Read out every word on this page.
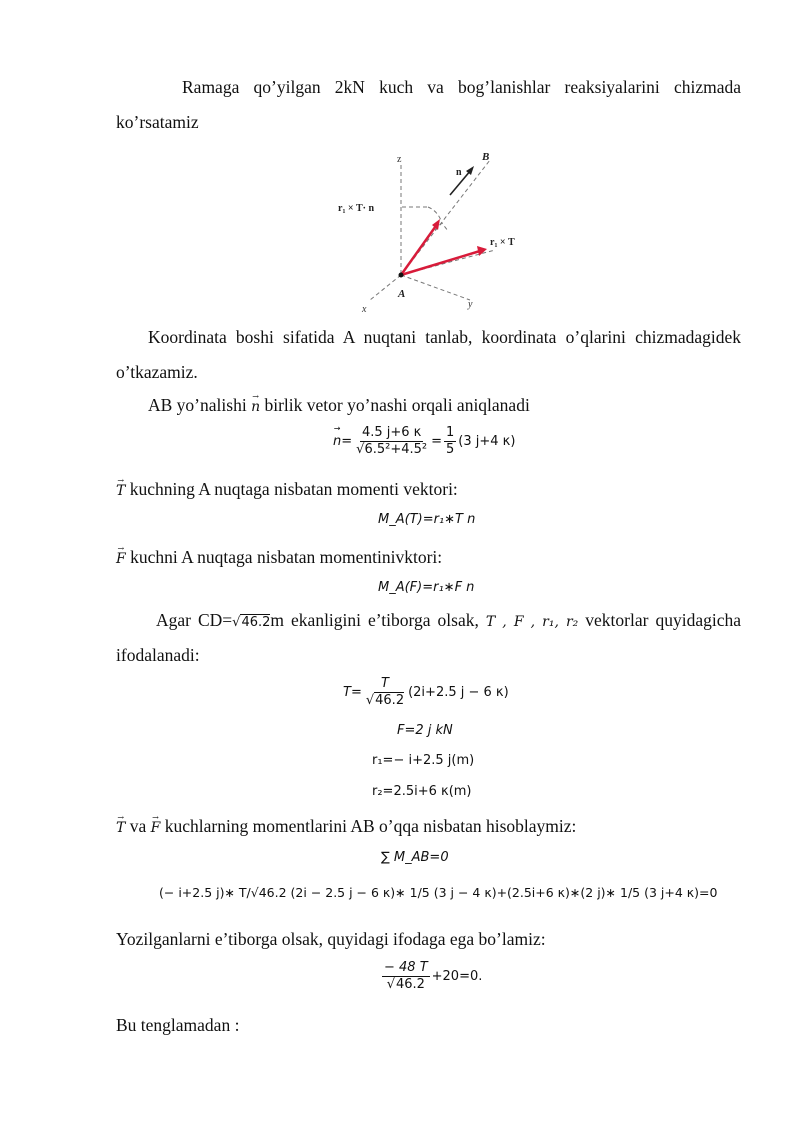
Ramaga qo’yilgan 2kN kuch va bog’lanishlar reaksiyalarini chizmada
ko’rsatamiz
z	B
n
r₁ × T· n
r₁ × T
A
x	y
Koordinata boshi sifatida A nuqtani tanlab, koordinata o’qlarini chizmadagidek
o’tkazamiz.
AB yo’nalishi → n birlik vetor yo’nashi orqali aniqlanadi
→ $n= \frac{4.5 j+6 \kappa}{\text{√6.5²+4.5²}} = \frac{1}{5} (3$ j+4 κ)
→ T kuchning A nuqtaga nisbatan momenti vektori:
M_A(T)=r₁∗T n
→ F kuchni A nuqtaga nisbatan momentinivktori:
M_A(F)=r₁∗F n
Agar CD=√46.2m ekanligini e’tiborga olsak, T , F , r₁, r₂ vektorlar quyidagicha
ifodalanadi:
$T= \frac{T}{√46.2} (2i+2.5$ j − 6 κ)
F=2 j kN
r₁=− i+2.5 j(m)
r₂=2.5i+6 κ(m)
→ T va → F kuchlarning momentlarini AB o’qqa nisbatan hisoblaymiz:
∑ M_AB=0
(− i+2.5 j)∗ T/√46.2 (2i − 2.5 j − 6 κ)∗ 1/5 (3 j − 4 κ)+(2.5i+6 κ)∗(2 j)∗ 1/5 (3 j+4 κ)=0
Yozilganlarni e’tiborga olsak, quyidagi ifodaga ega bo’lamiz:
$\frac{- 48 T}{√46.2} +20=0$.
Bu tenglamadan :
